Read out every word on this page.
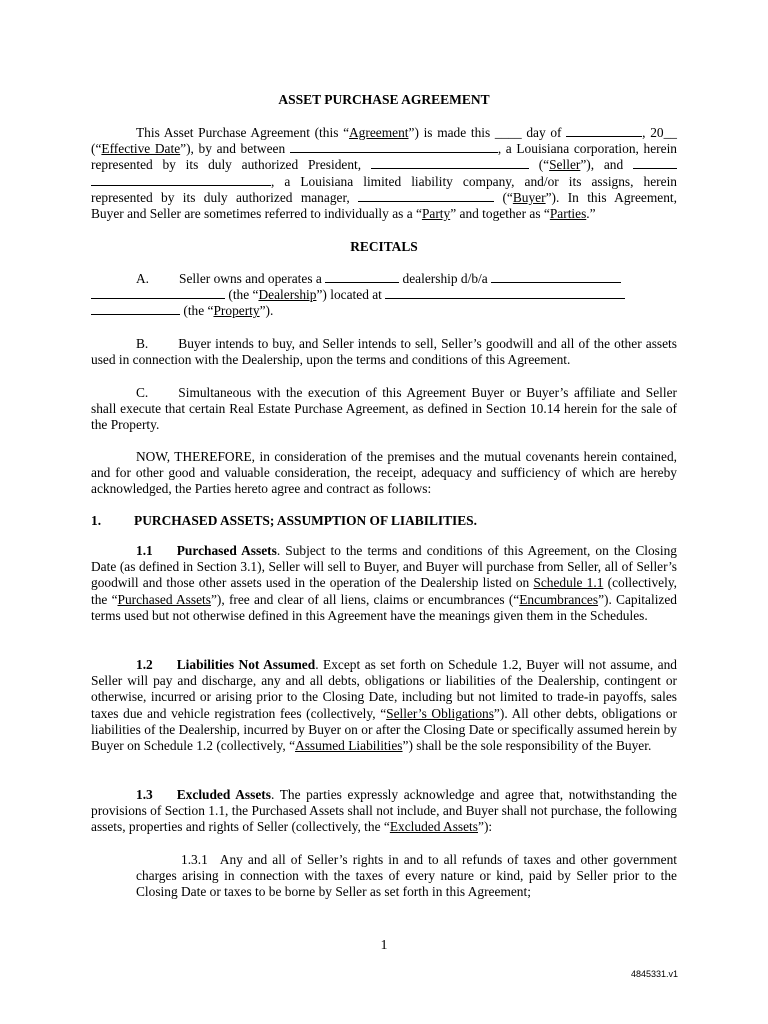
ASSET PURCHASE AGREEMENT
This Asset Purchase Agreement (this “Agreement”) is made this ____ day of	, 20__
(“Effective Date”), by and between	, a Louisiana corporation, herein
represented by its duly authorized President,	(“Seller”), and
, a Louisiana limited liability company, and/or its assigns, herein
represented by its duly authorized manager,	(“Buyer”). In this Agreement,
Buyer and Seller are sometimes referred to individually as a “Party” and together as “Parties.”
RECITALS
A. Seller owns and operates a	dealership d/b/a
(the “Dealership”) located at
(the “Property”).
B. Buyer intends to buy, and Seller intends to sell, Seller’s goodwill and all of the other assets used in connection with the Dealership, upon the terms and conditions of this Agreement.
C. Simultaneous with the execution of this Agreement Buyer or Buyer’s affiliate and Seller shall execute that certain Real Estate Purchase Agreement, as defined in Section 10.14 herein for the sale of the Property.
NOW, THEREFORE, in consideration of the premises and the mutual covenants herein contained, and for other good and valuable consideration, the receipt, adequacy and sufficiency of which are hereby acknowledged, the Parties hereto agree and contract as follows:
1. PURCHASED ASSETS; ASSUMPTION OF LIABILITIES.
1.1 Purchased Assets. Subject to the terms and conditions of this Agreement, on the Closing Date (as defined in Section 3.1), Seller will sell to Buyer, and Buyer will purchase from Seller, all of Seller’s goodwill and those other assets used in the operation of the Dealership listed on Schedule 1.1 (collectively, the “Purchased Assets”), free and clear of all liens, claims or encumbrances (“Encumbrances”). Capitalized terms used but not otherwise defined in this Agreement have the meanings given them in the Schedules.
1.2 Liabilities Not Assumed. Except as set forth on Schedule 1.2, Buyer will not assume, and Seller will pay and discharge, any and all debts, obligations or liabilities of the Dealership, contingent or otherwise, incurred or arising prior to the Closing Date, including but not limited to trade-in payoffs, sales taxes due and vehicle registration fees (collectively, “Seller’s Obligations”). All other debts, obligations or liabilities of the Dealership, incurred by Buyer on or after the Closing Date or specifically assumed herein by Buyer on Schedule 1.2 (collectively, “Assumed Liabilities”) shall be the sole responsibility of the Buyer.
1.3 Excluded Assets. The parties expressly acknowledge and agree that, notwithstanding the provisions of Section 1.1, the Purchased Assets shall not include, and Buyer shall not purchase, the following assets, properties and rights of Seller (collectively, the “Excluded Assets”):
1.3.1 Any and all of Seller’s rights in and to all refunds of taxes and other government charges arising in connection with the taxes of every nature or kind, paid by Seller prior to the Closing Date or taxes to be borne by Seller as set forth in this Agreement;
1
4845331.v1
